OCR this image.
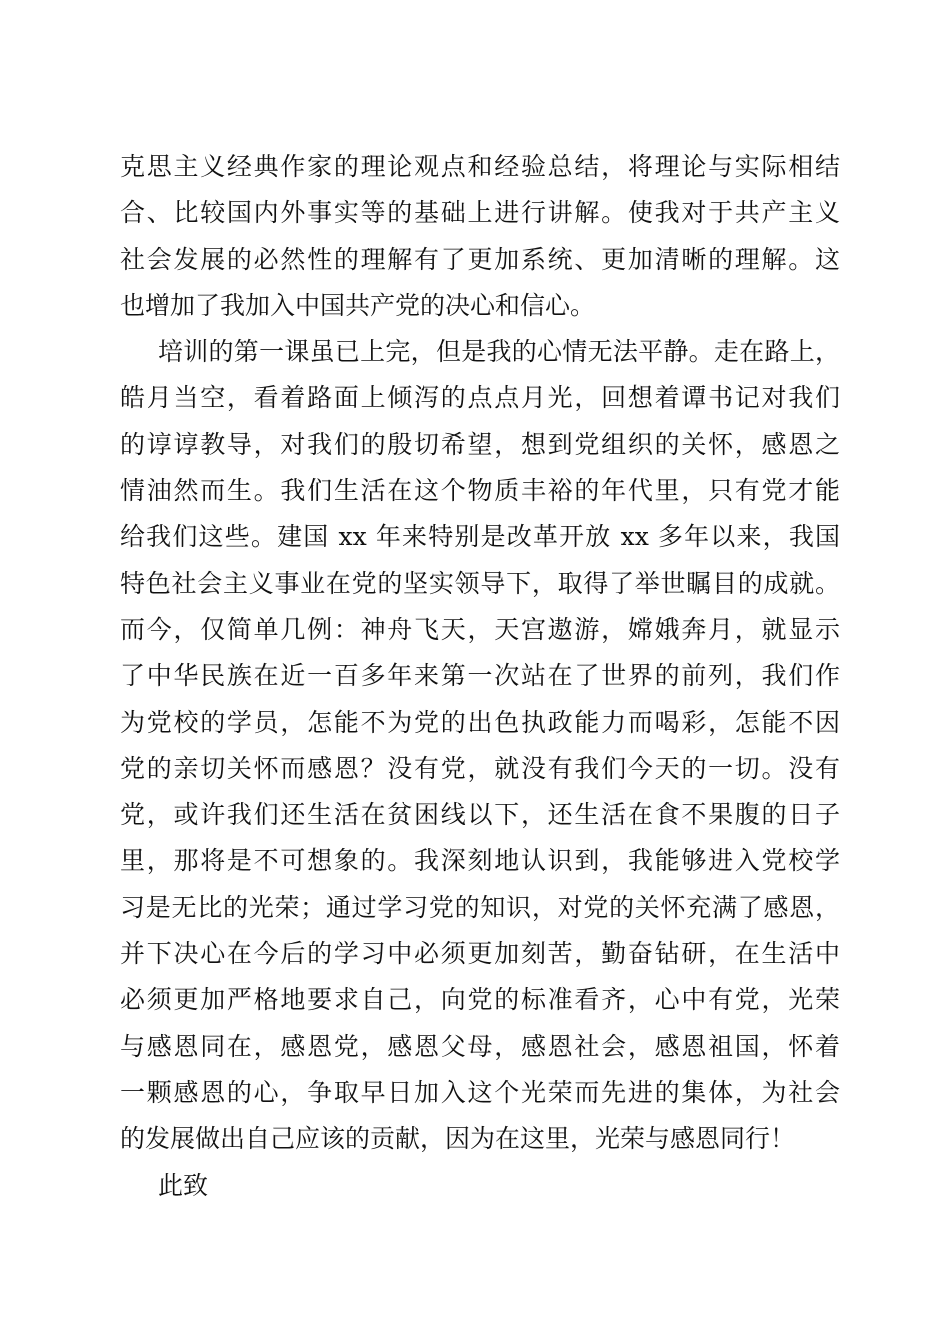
克思主义经典作家的理论观点和经验总结，将理论与实际相结
合、比较国内外事实等的基础上进行讲解。使我对于共产主义
社会发展的必然性的理解有了更加系统、更加清晰的理解。这
也增加了我加入中国共产党的决心和信心。
培训的第一课虽已上完，但是我的心情无法平静。走在路上，
皓月当空，看着路面上倾泻的点点月光，回想着谭书记对我们
的谆谆教导，对我们的殷切希望，想到党组织的关怀，感恩之
情油然而生。我们生活在这个物质丰裕的年代里，只有党才能
给我们这些。建国 xx 年来特别是改革开放 xx 多年以来，我国
特色社会主义事业在党的坚实领导下，取得了举世瞩目的成就。
而今，仅简单几例：神舟飞天，天宫遨游，嫦娥奔月，就显示
了中华民族在近一百多年来第一次站在了世界的前列，我们作
为党校的学员，怎能不为党的出色执政能力而喝彩，怎能不因
党的亲切关怀而感恩？没有党，就没有我们今天的一切。没有
党，或许我们还生活在贫困线以下，还生活在食不果腹的日子
里，那将是不可想象的。我深刻地认识到，我能够进入党校学
习是无比的光荣；通过学习党的知识，对党的关怀充满了感恩，
并下决心在今后的学习中必须更加刻苦，勤奋钻研，在生活中
必须更加严格地要求自己，向党的标准看齐，心中有党，光荣
与感恩同在，感恩党，感恩父母，感恩社会，感恩祖国，怀着
一颗感恩的心，争取早日加入这个光荣而先进的集体，为社会
的发展做出自己应该的贡献，因为在这里，光荣与感恩同行！
此致
